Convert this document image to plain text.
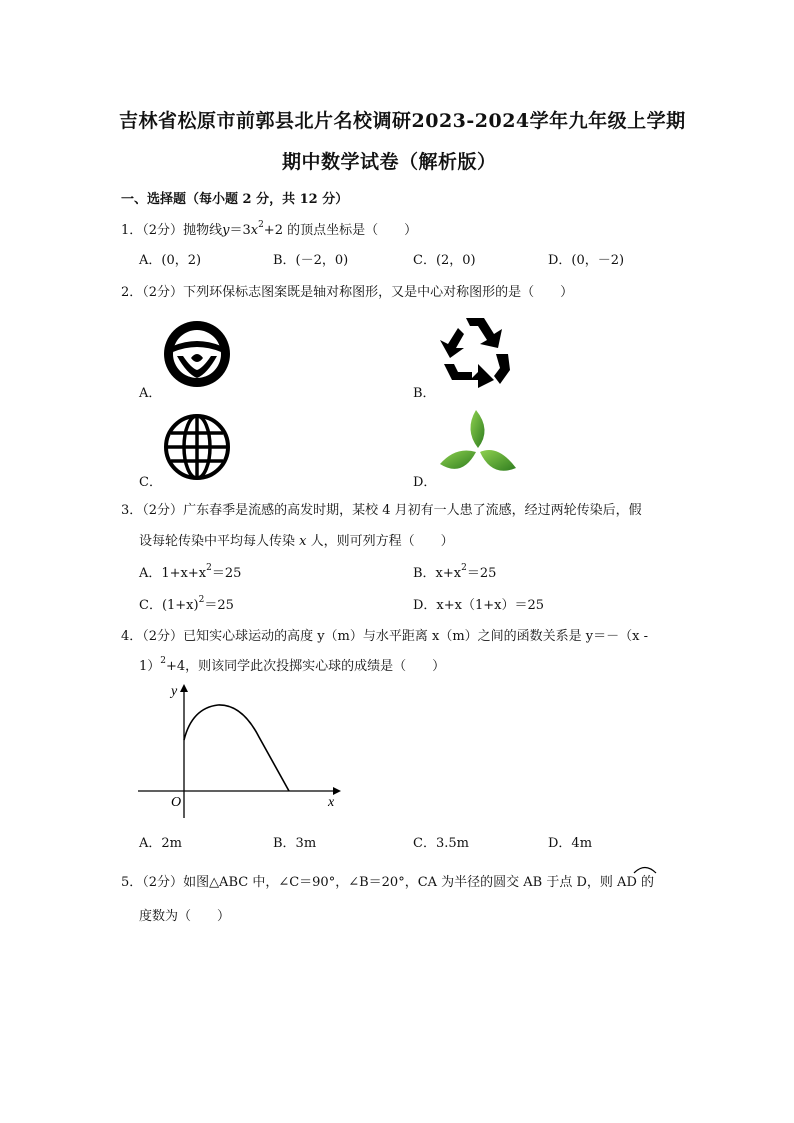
吉林省松原市前郭县北片名校调研2023-2024学年九年级上学期
期中数学试卷（解析版）
一、选择题（每小题 2 分，共 12 分）
1．（2分）抛物线$y=3x^2+2$ 的顶点坐标是（　　）
A．(0，2)	B．(－2，0)	C．(2，0)	D．(0，－2)
2．（2分）下列环保标志图案既是轴对称图形，又是中心对称图形的是（　　）
A．	B．
C．	D．
3．（2分）广东春季是流感的高发时期，某校 4 月初有一人患了流感，经过两轮传染后，假
设每轮传染中平均每人传染 x 人，则可列方程（　　）
A．$1+x+x^2=25$	B．$x+x^2=25$
C．$(1+x)^2=25$	D．x+x（1+x）＝25
4．（2分）已知实心球运动的高度 y（m）与水平距离 x（m）之间的函数关系是 y＝－（x -
1）$^2$+4，则该同学此次投掷实心球的成绩是（　　）
y
x
O
A．2m	B．3m	C．3.5m	D．4m
5．（2分）如图△ABC 中，∠C＝90°，∠B＝20°，CA 为半径的圆交 AB 于点 D，则 AD 的
度数为（　　）
